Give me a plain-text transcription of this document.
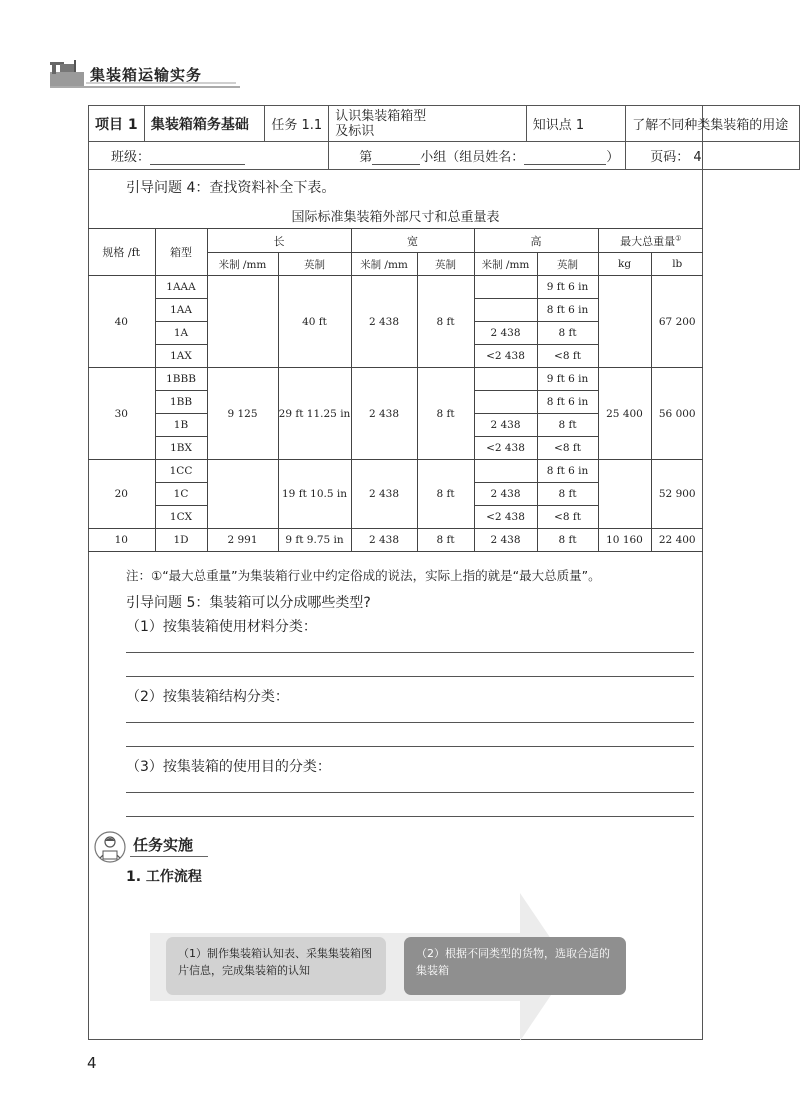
集装箱运输实务
项目 1	集装箱箱务基础	任务 1.1	认识集装箱箱型
及标识	知识点 1	了解不同种类集装箱的用途
班级：			第 小组（组员姓名： ）		页码： 4
引导问题 4：查找资料补全下表。
国际标准集装箱外部尺寸和总重量表
规格 /ft	箱型	长		宽		高		最大总重量①
		米制 /mm	英制	米制 /mm	英制	米制 /mm	英制	kg	lb
40	1AAA		40 ft	2 438	8 ft		9 ft 6 in		67 200
	1AA						8 ft 6 in		
	1A					2 438	8 ft		
	1AX					<2 438	<8 ft		
30	1BBB	9 125	29 ft 11.25 in	2 438	8 ft		9 ft 6 in	25 400	56 000
	1BB						8 ft 6 in		
	1B					2 438	8 ft		
	1BX					<2 438	<8 ft		
20	1CC		19 ft 10.5 in	2 438	8 ft		8 ft 6 in		52 900
	1C					2 438	8 ft		
	1CX					<2 438	<8 ft		
10	1D	2 991	9 ft 9.75 in	2 438	8 ft	2 438	8 ft	10 160	22 400
注：①“最大总重量”为集装箱行业中约定俗成的说法，实际上指的就是“最大总质量”。
引导问题 5：集装箱可以分成哪些类型?
（1）按集装箱使用材料分类：
（2）按集装箱结构分类：
（3）按集装箱的使用目的分类：
任务实施
1. 工作流程
（1）制作集装箱认知表、采集集装箱图片信息，完成集装箱的认知
（2）根据不同类型的货物，选取合适的集装箱
4
